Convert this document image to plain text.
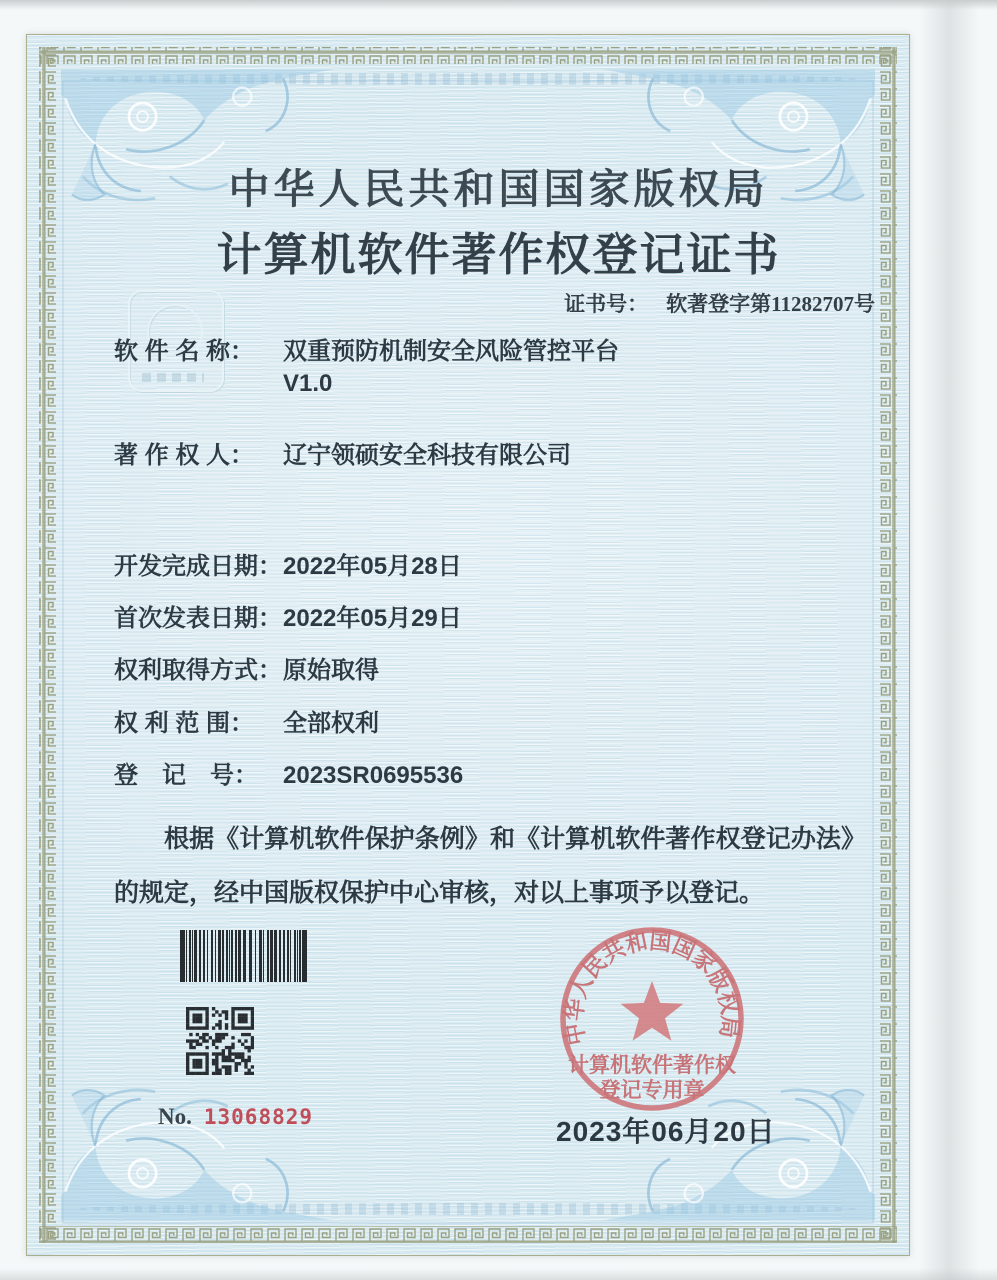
中华人民共和国国家版权局
计算机软件著作权登记证书
证书号： 软著登字第11282707号
软 件 名 称：	双重预防机制安全风险管控平台
V1.0
著 作 权 人：	辽宁领硕安全科技有限公司
开发完成日期： 2022年05月28日
首次发表日期： 2022年05月29日
权利取得方式： 原始取得
权 利 范 围：	全部权利
登　记　号：	2023SR0695536
根据《计算机软件保护条例》和《计算机软件著作权登记办法》的规定，经中国版权保护中心审核，对以上事项予以登记。
No. 13068829
中华人民共和国国家版权局
计算机软件著作权
登记专用章
2023年06月20日
